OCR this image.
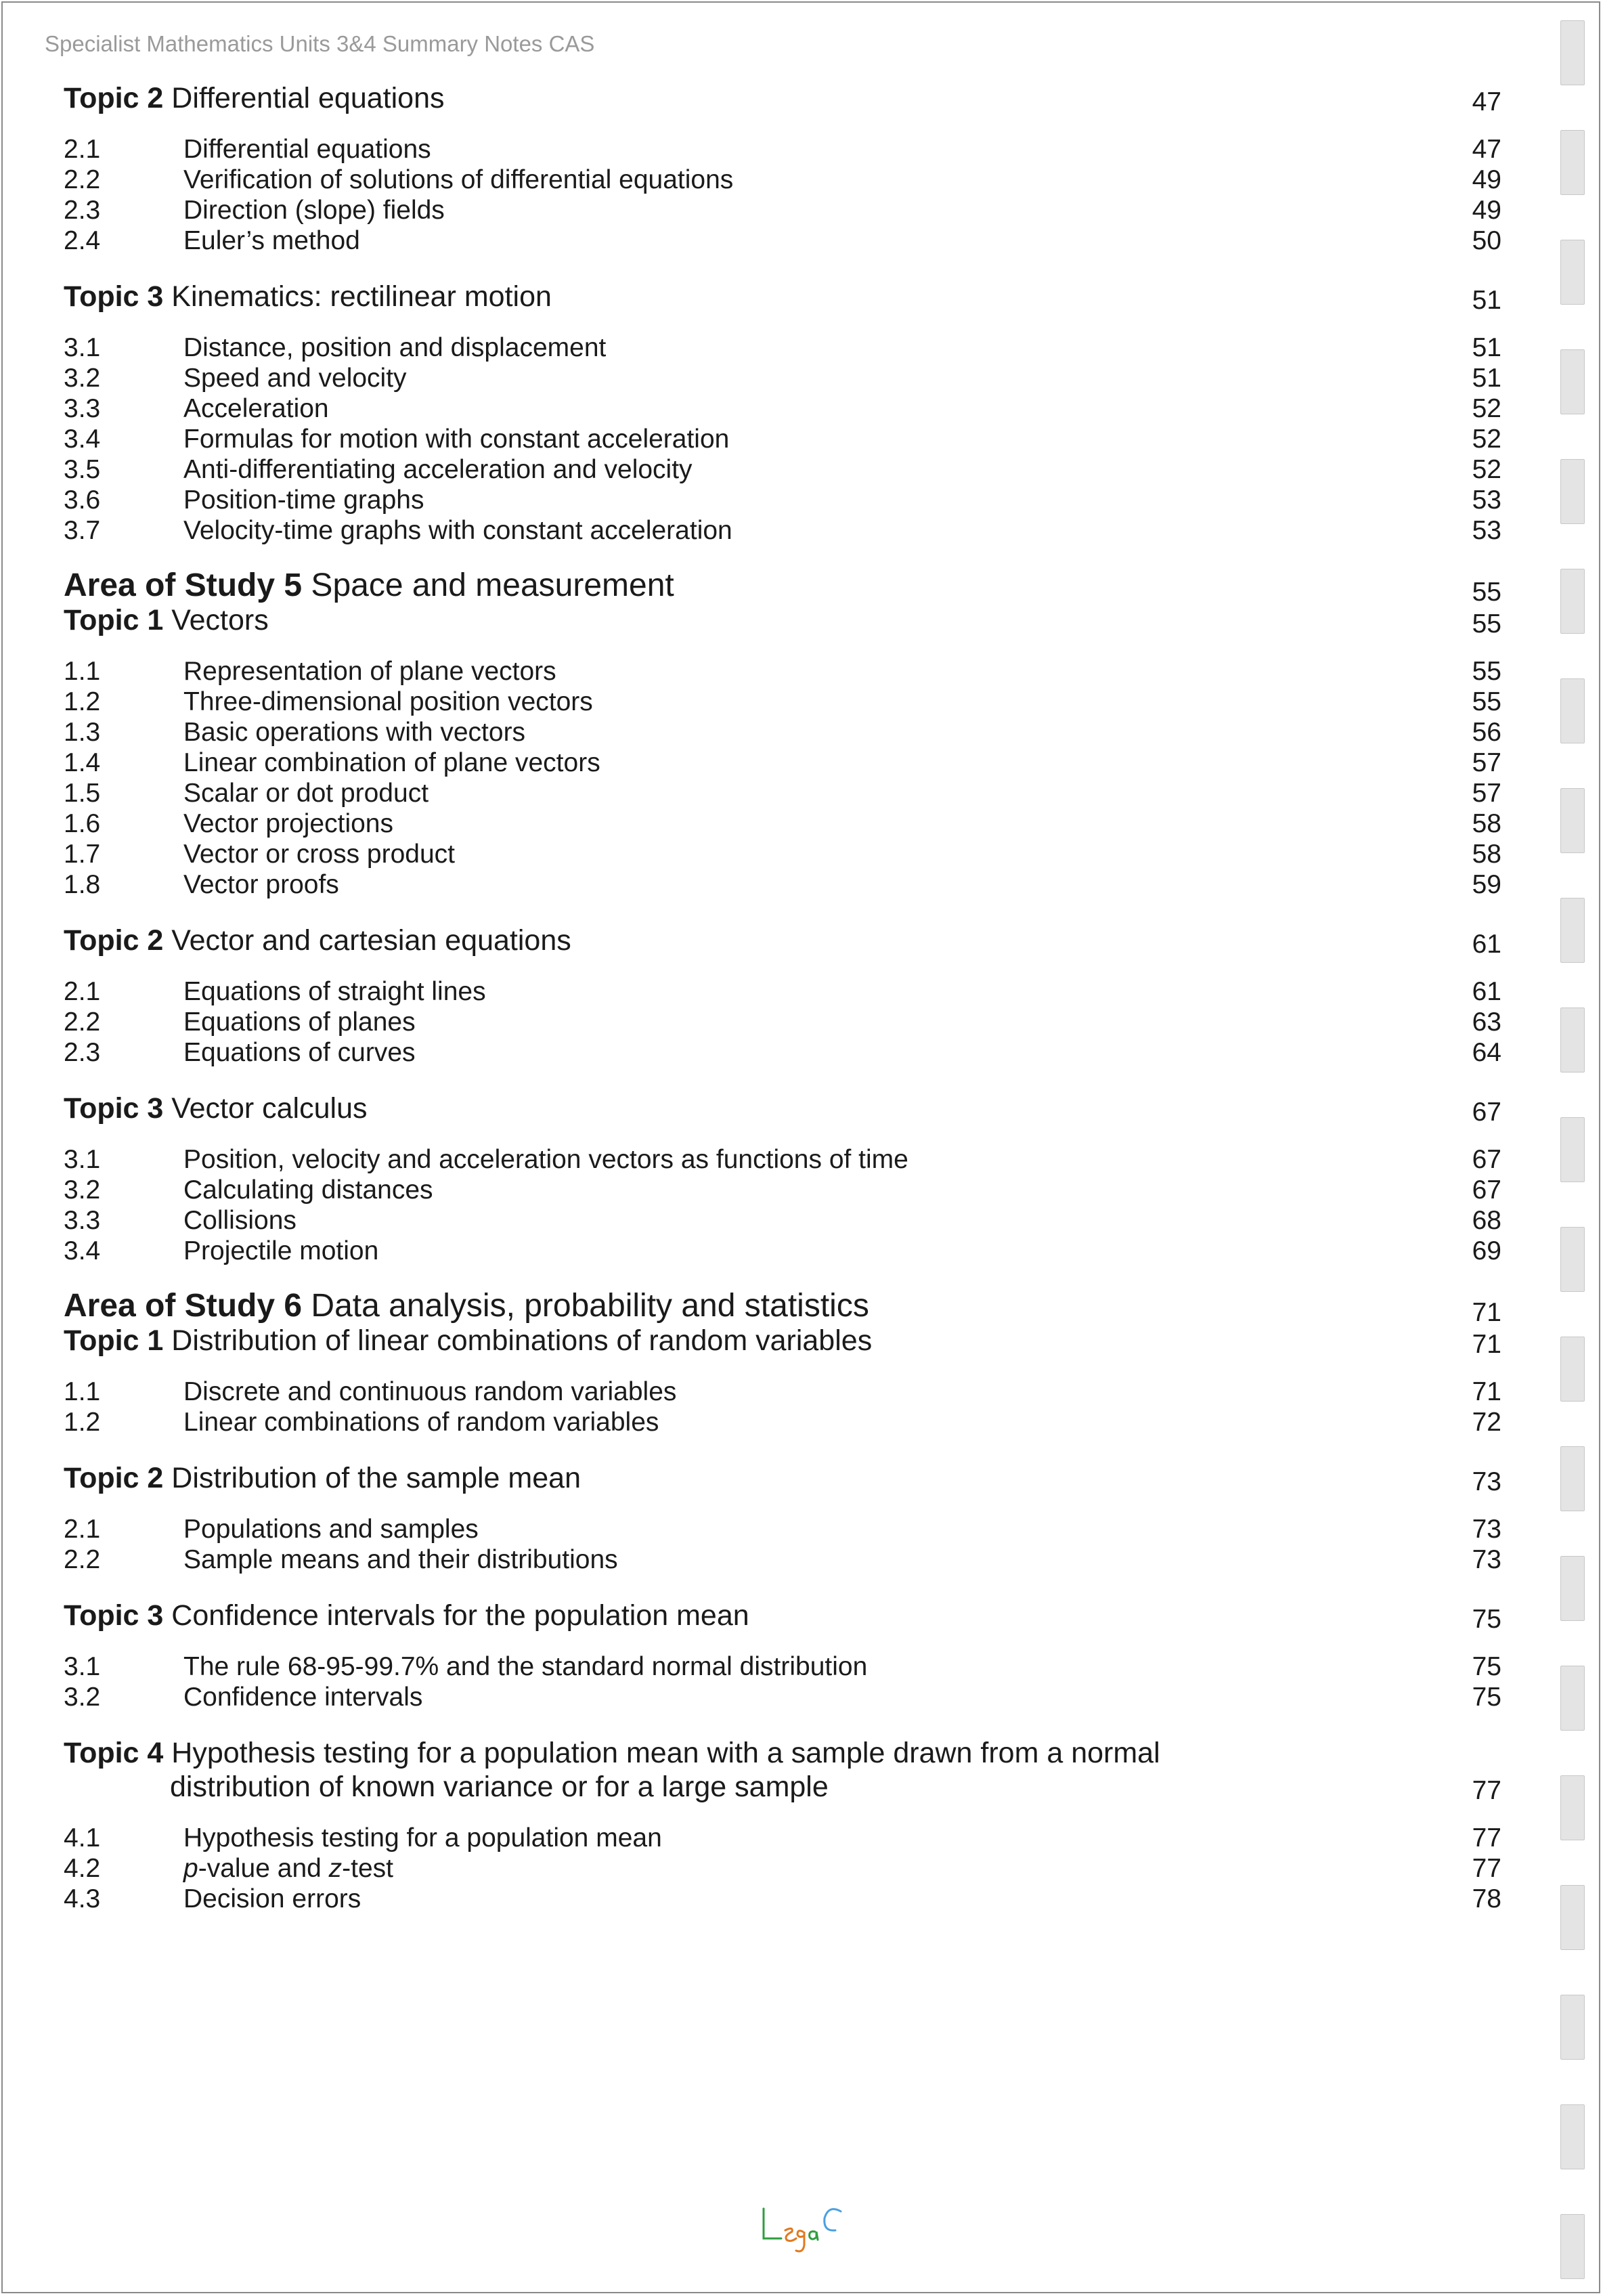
Specialist Mathematics Units 3&4 Summary Notes CAS
Topic 2 Differential equations	47
2.1	Differential equations	47
2.2	Verification of solutions of differential equations	49
2.3	Direction (slope) fields	49
2.4	Euler’s method	50
Topic 3 Kinematics: rectilinear motion	51
3.1	Distance, position and displacement	51
3.2	Speed and velocity	51
3.3	Acceleration	52
3.4	Formulas for motion with constant acceleration	52
3.5	Anti-differentiating acceleration and velocity	52
3.6	Position-time graphs	53
3.7	Velocity-time graphs with constant acceleration	53
Area of Study 5 Space and measurement	55
Topic 1 Vectors	55
1.1	Representation of plane vectors	55
1.2	Three-dimensional position vectors	55
1.3	Basic operations with vectors	56
1.4	Linear combination of plane vectors	57
1.5	Scalar or dot product	57
1.6	Vector projections	58
1.7	Vector or cross product	58
1.8	Vector proofs	59
Topic 2 Vector and cartesian equations	61
2.1	Equations of straight lines	61
2.2	Equations of planes	63
2.3	Equations of curves	64
Topic 3 Vector calculus	67
3.1	Position, velocity and acceleration vectors as functions of time	67
3.2	Calculating distances	67
3.3	Collisions	68
3.4	Projectile motion	69
Area of Study 6 Data analysis, probability and statistics	71
Topic 1 Distribution of linear combinations of random variables	71
1.1	Discrete and continuous random variables	71
1.2	Linear combinations of random variables	72
Topic 2 Distribution of the sample mean	73
2.1	Populations and samples	73
2.2	Sample means and their distributions	73
Topic 3 Confidence intervals for the population mean	75
3.1	The rule 68-95-99.7% and the standard normal distribution	75
3.2	Confidence intervals	75
Topic 4 Hypothesis testing for a population mean with a sample drawn from a normal
distribution of known variance or for a large sample	77
4.1	Hypothesis testing for a population mean	77
4.2	p-value and z-test	77
4.3	Decision errors	78
